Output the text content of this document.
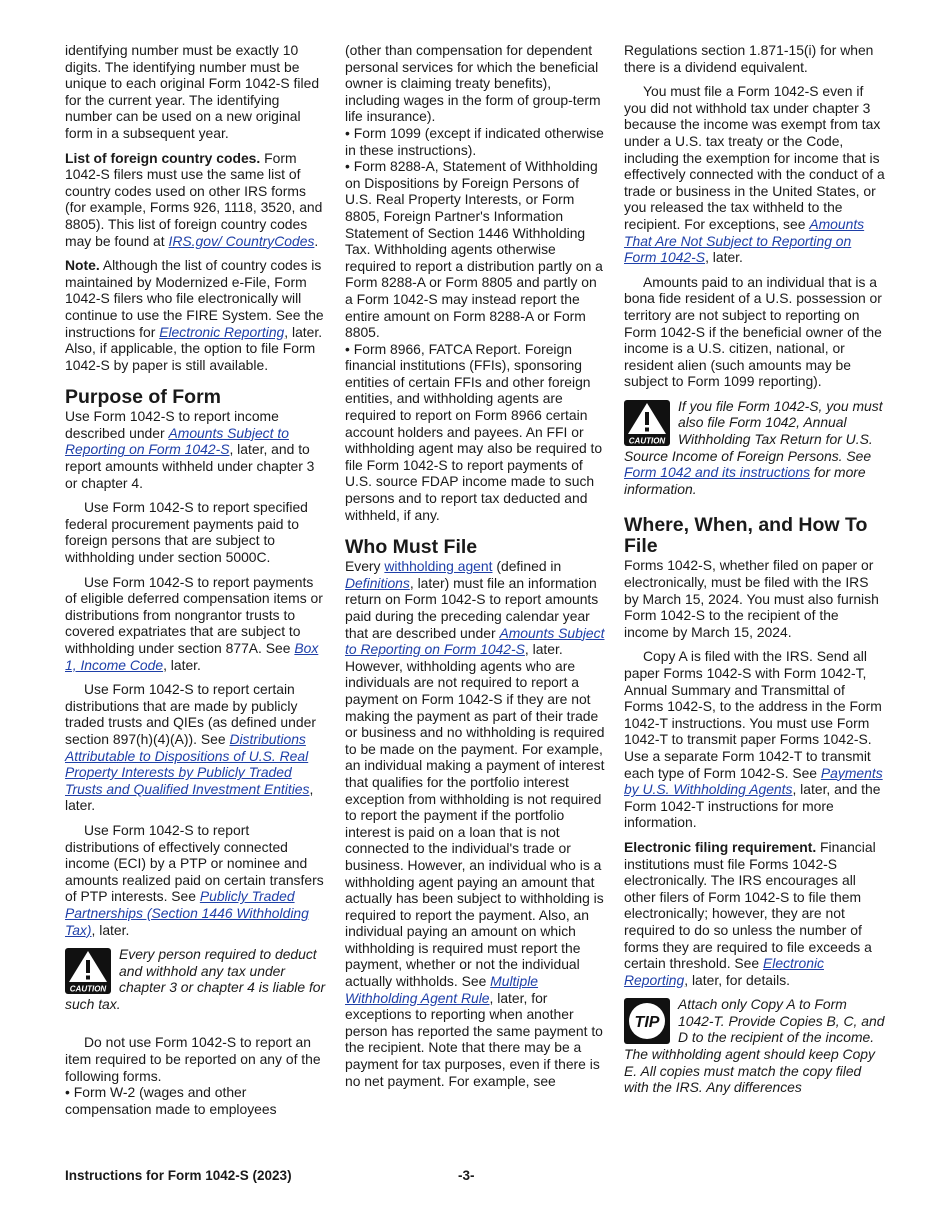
identifying number must be exactly 10 digits. The identifying number must be unique to each original Form 1042-S filed for the current year. The identifying number can be used on a new original form in a subsequent year.

List of foreign country codes. Form 1042-S filers must use the same list of country codes used on other IRS forms (for example, Forms 926, 1118, 3520, and 8805). This list of foreign country codes may be found at IRS.gov/ CountryCodes.

Note. Although the list of country codes is maintained by Modernized e-File, Form 1042-S filers who file electronically will continue to use the FIRE System. See the instructions for Electronic Reporting, later. Also, if applicable, the option to file Form 1042-S by paper is still available.

Purpose of Form

Use Form 1042-S to report income described under Amounts Subject to Reporting on Form 1042-S, later, and to report amounts withheld under chapter 3 or chapter 4.

Use Form 1042-S to report specified federal procurement payments paid to foreign persons that are subject to withholding under section 5000C.

Use Form 1042-S to report payments of eligible deferred compensation items or distributions from nongrantor trusts to covered expatriates that are subject to withholding under section 877A. See Box 1, Income Code, later.

Use Form 1042-S to report certain distributions that are made by publicly traded trusts and QIEs (as defined under section 897(h)(4)(A)). See Distributions Attributable to Dispositions of U.S. Real Property Interests by Publicly Traded Trusts and Qualified Investment Entities, later.

Use Form 1042-S to report distributions of effectively connected income (ECI) by a PTP or nominee and amounts realized paid on certain transfers of PTP interests. See Publicly Traded Partnerships (Section 1446 Withholding Tax), later.

CAUTION
Every person required to deduct and withhold any tax under chapter 3 or chapter 4 is liable for such tax.

Do not use Form 1042-S to report an item required to be reported on any of the following forms.

• Form W-2 (wages and other compensation made to employees

(other than compensation for dependent personal services for which the beneficial owner is claiming treaty benefits), including wages in the form of group-term life insurance).

• Form 1099 (except if indicated otherwise in these instructions).

• Form 8288-A, Statement of Withholding on Dispositions by Foreign Persons of U.S. Real Property Interests, or Form 8805, Foreign Partner's Information Statement of Section 1446 Withholding Tax. Withholding agents otherwise required to report a distribution partly on a Form 8288-A or Form 8805 and partly on a Form 1042-S may instead report the entire amount on Form 8288-A or Form 8805.

• Form 8966, FATCA Report. Foreign financial institutions (FFIs), sponsoring entities of certain FFIs and other foreign entities, and withholding agents are required to report on Form 8966 certain account holders and payees. An FFI or withholding agent may also be required to file Form 1042-S to report payments of U.S. source FDAP income made to such persons and to report tax deducted and withheld, if any.

Who Must File

Every withholding agent (defined in Definitions, later) must file an information return on Form 1042-S to report amounts paid during the preceding calendar year that are described under Amounts Subject to Reporting on Form 1042-S, later. However, withholding agents who are individuals are not required to report a payment on Form 1042-S if they are not making the payment as part of their trade or business and no withholding is required to be made on the payment. For example, an individual making a payment of interest that qualifies for the portfolio interest exception from withholding is not required to report the payment if the portfolio interest is paid on a loan that is not connected to the individual's trade or business. However, an individual who is a withholding agent paying an amount that actually has been subject to withholding is required to report the payment. Also, an individual paying an amount on which withholding is required must report the payment, whether or not the individual actually withholds. See Multiple Withholding Agent Rule, later, for exceptions to reporting when another person has reported the same payment to the recipient. Note that there may be a payment for tax purposes, even if there is no net payment. For example, see

Regulations section 1.871-15(i) for when there is a dividend equivalent.

You must file a Form 1042-S even if you did not withhold tax under chapter 3 because the income was exempt from tax under a U.S. tax treaty or the Code, including the exemption for income that is effectively connected with the conduct of a trade or business in the United States, or you released the tax withheld to the recipient. For exceptions, see Amounts That Are Not Subject to Reporting on Form 1042-S, later.

Amounts paid to an individual that is a bona fide resident of a U.S. possession or territory are not subject to reporting on Form 1042-S if the beneficial owner of the income is a U.S. citizen, national, or resident alien (such amounts may be subject to Form 1099 reporting).

CAUTION
If you file Form 1042-S, you must also file Form 1042, Annual Withholding Tax Return for U.S. Source Income of Foreign Persons. See Form 1042 and its instructions for more information.
Where, When, and How To File

Forms 1042-S, whether filed on paper or electronically, must be filed with the IRS by March 15, 2024. You must also furnish Form 1042-S to the recipient of the income by March 15, 2024.

Copy A is filed with the IRS. Send all paper Forms 1042-S with Form 1042-T, Annual Summary and Transmittal of Forms 1042-S, to the address in the Form 1042-T instructions. You must use Form 1042-T to transmit paper Forms 1042-S. Use a separate Form 1042-T to transmit each type of Form 1042-S. See Payments by U.S. Withholding Agents, later, and the Form 1042-T instructions for more information.

Electronic filing requirement. Financial institutions must file Forms 1042-S electronically. The IRS encourages all other filers of Form 1042-S to file them electronically; however, they are not required to do so unless the number of forms they are required to file exceeds a certain threshold. See Electronic Reporting, later, for details.

TIP
Attach only Copy A to Form 1042-T. Provide Copies B, C, and D to the recipient of the income. The withholding agent should keep Copy E. All copies must match the copy filed with the IRS. Any differences
Instructions for Form 1042-S (2023)	-3-
